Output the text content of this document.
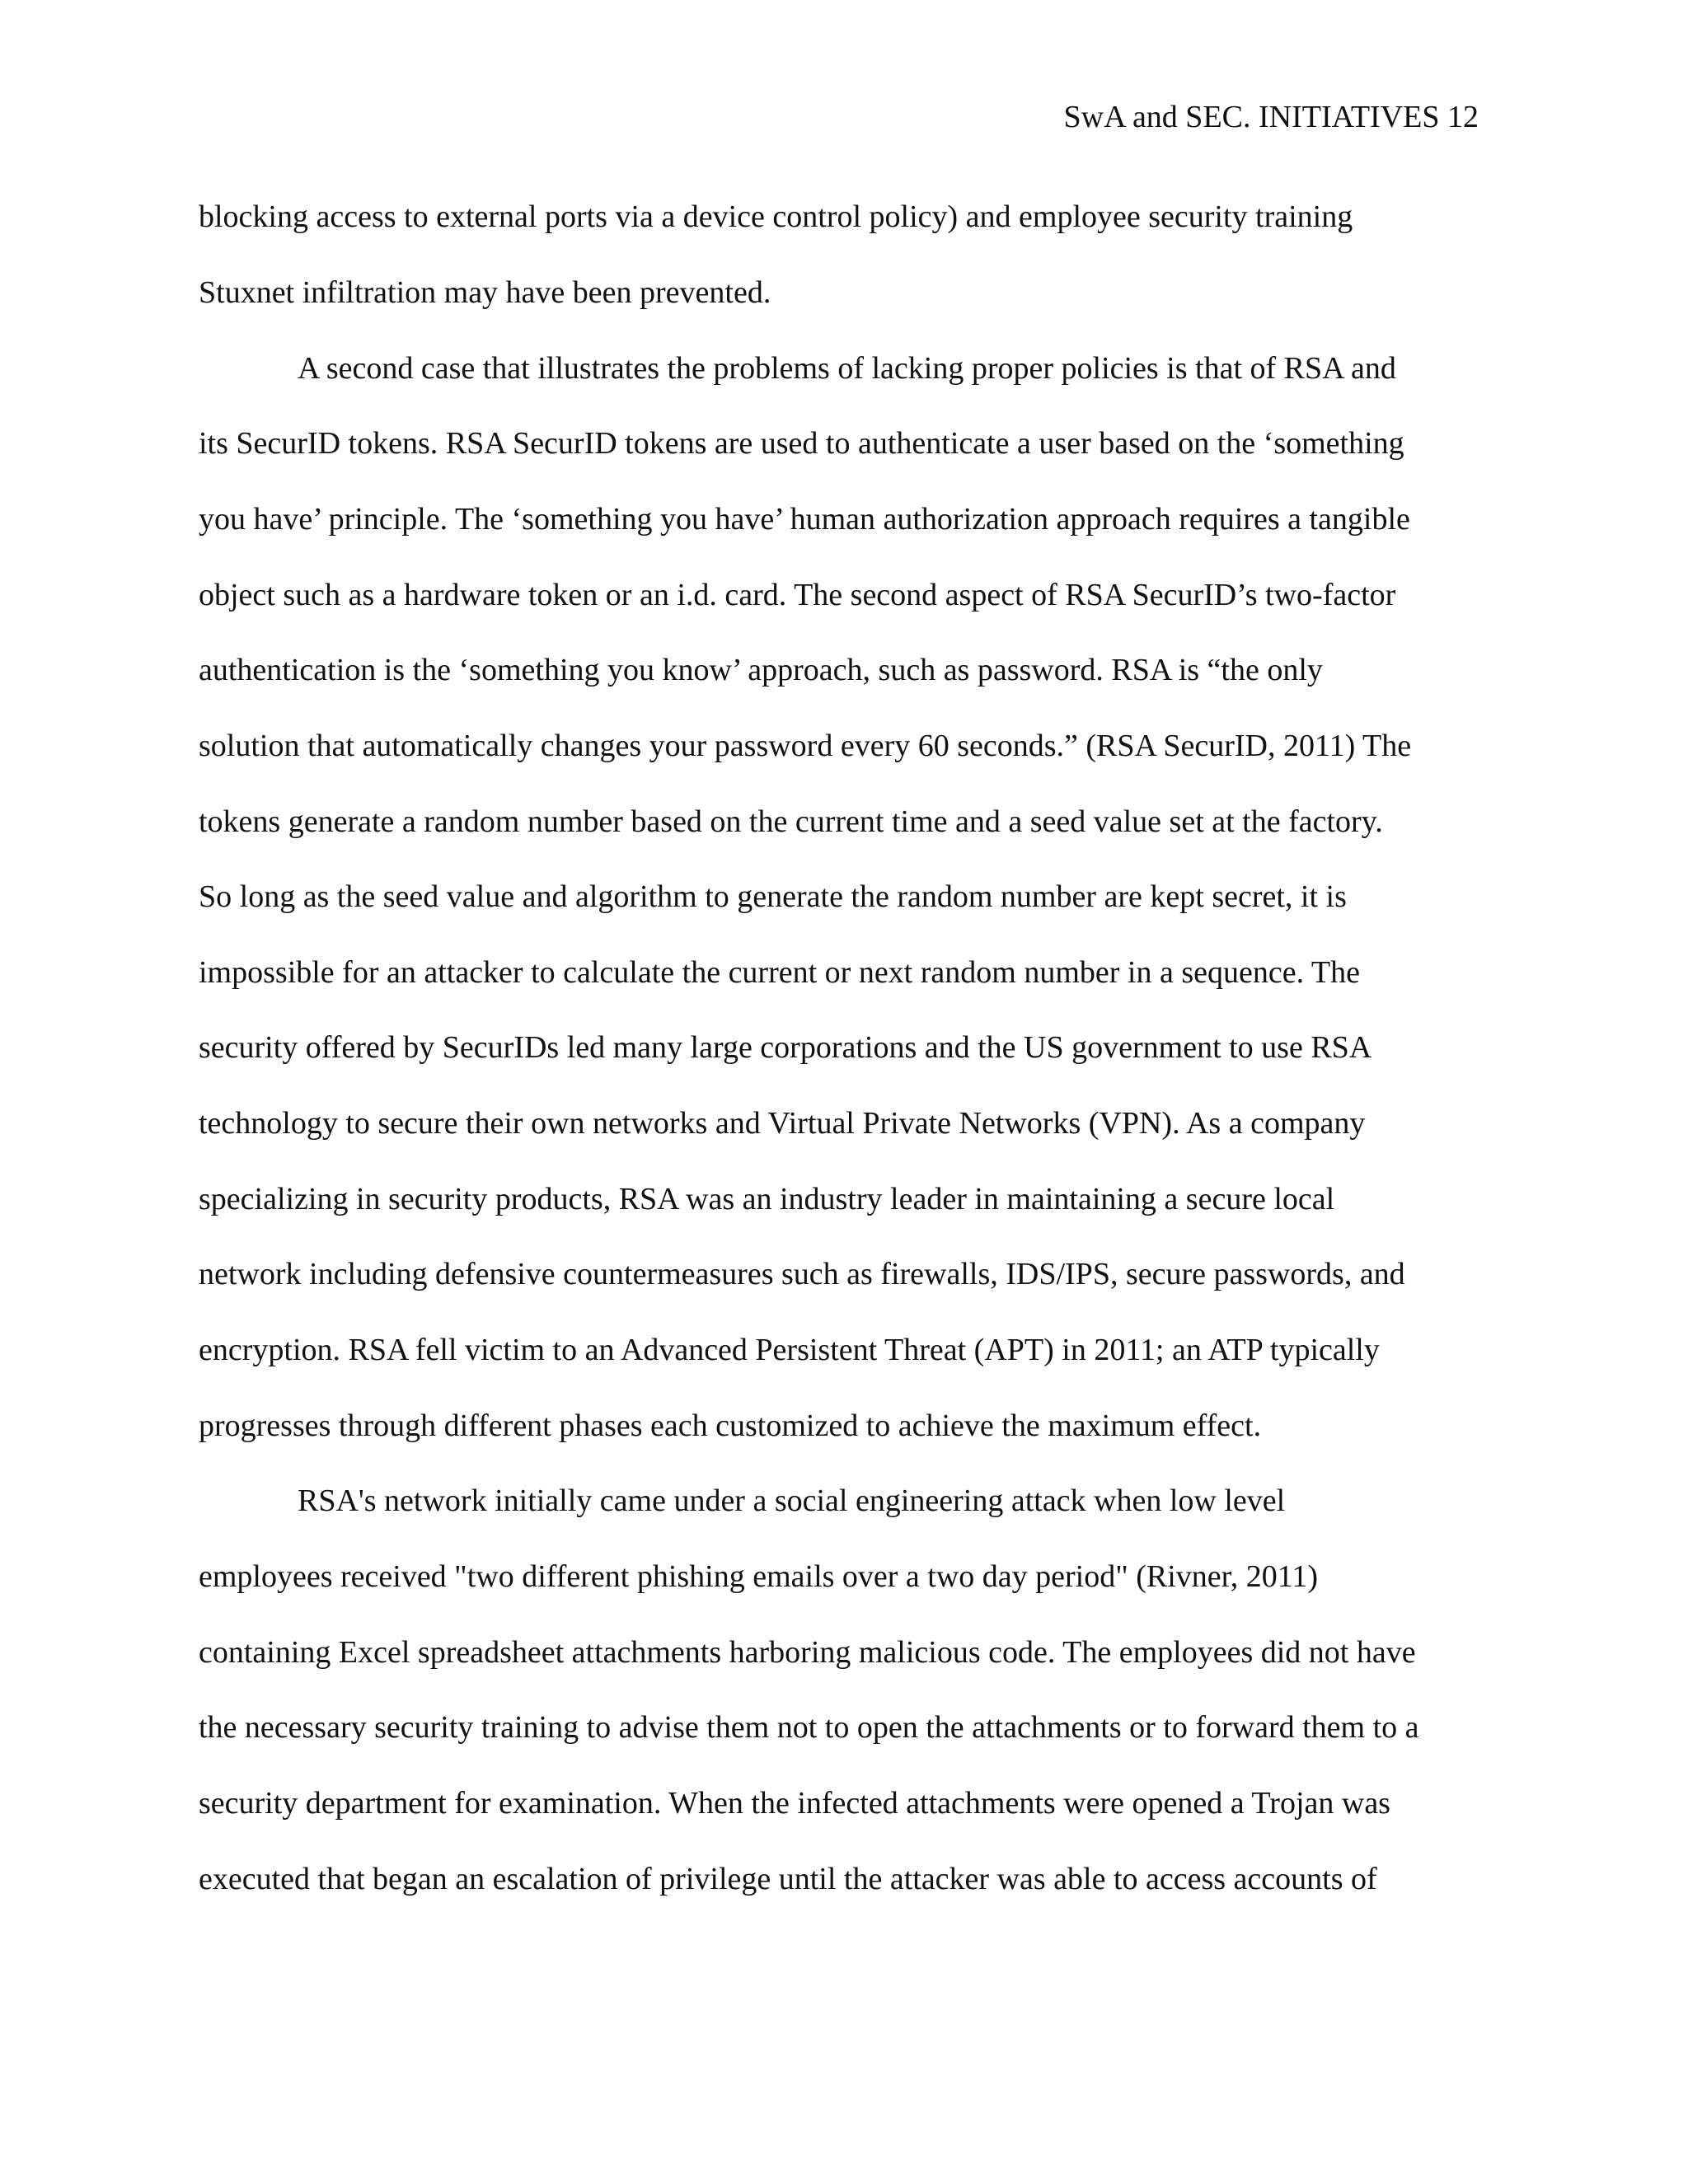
SwA and SEC. INITIATIVES 12
blocking access to external ports via a device control policy) and employee security training
Stuxnet infiltration may have been prevented.
A second case that illustrates the problems of lacking proper policies is that of RSA and
its SecurID tokens. RSA SecurID tokens are used to authenticate a user based on the ‘something
you have’ principle. The ‘something you have’ human authorization approach requires a tangible
object such as a hardware token or an i.d. card. The second aspect of RSA SecurID’s two-factor
authentication is the ‘something you know’ approach, such as password. RSA is “the only
solution that automatically changes your password every 60 seconds.” (RSA SecurID, 2011) The
tokens generate a random number based on the current time and a seed value set at the factory.
So long as the seed value and algorithm to generate the random number are kept secret, it is
impossible for an attacker to calculate the current or next random number in a sequence. The
security offered by SecurIDs led many large corporations and the US government to use RSA
technology to secure their own networks and Virtual Private Networks (VPN). As a company
specializing in security products, RSA was an industry leader in maintaining a secure local
network including defensive countermeasures such as firewalls, IDS/IPS, secure passwords, and
encryption. RSA fell victim to an Advanced Persistent Threat (APT) in 2011; an ATP typically
progresses through different phases each customized to achieve the maximum effect.
RSA's network initially came under a social engineering attack when low level
employees received "two different phishing emails over a two day period" (Rivner, 2011)
containing Excel spreadsheet attachments harboring malicious code. The employees did not have
the necessary security training to advise them not to open the attachments or to forward them to a
security department for examination. When the infected attachments were opened a Trojan was
executed that began an escalation of privilege until the attacker was able to access accounts of
